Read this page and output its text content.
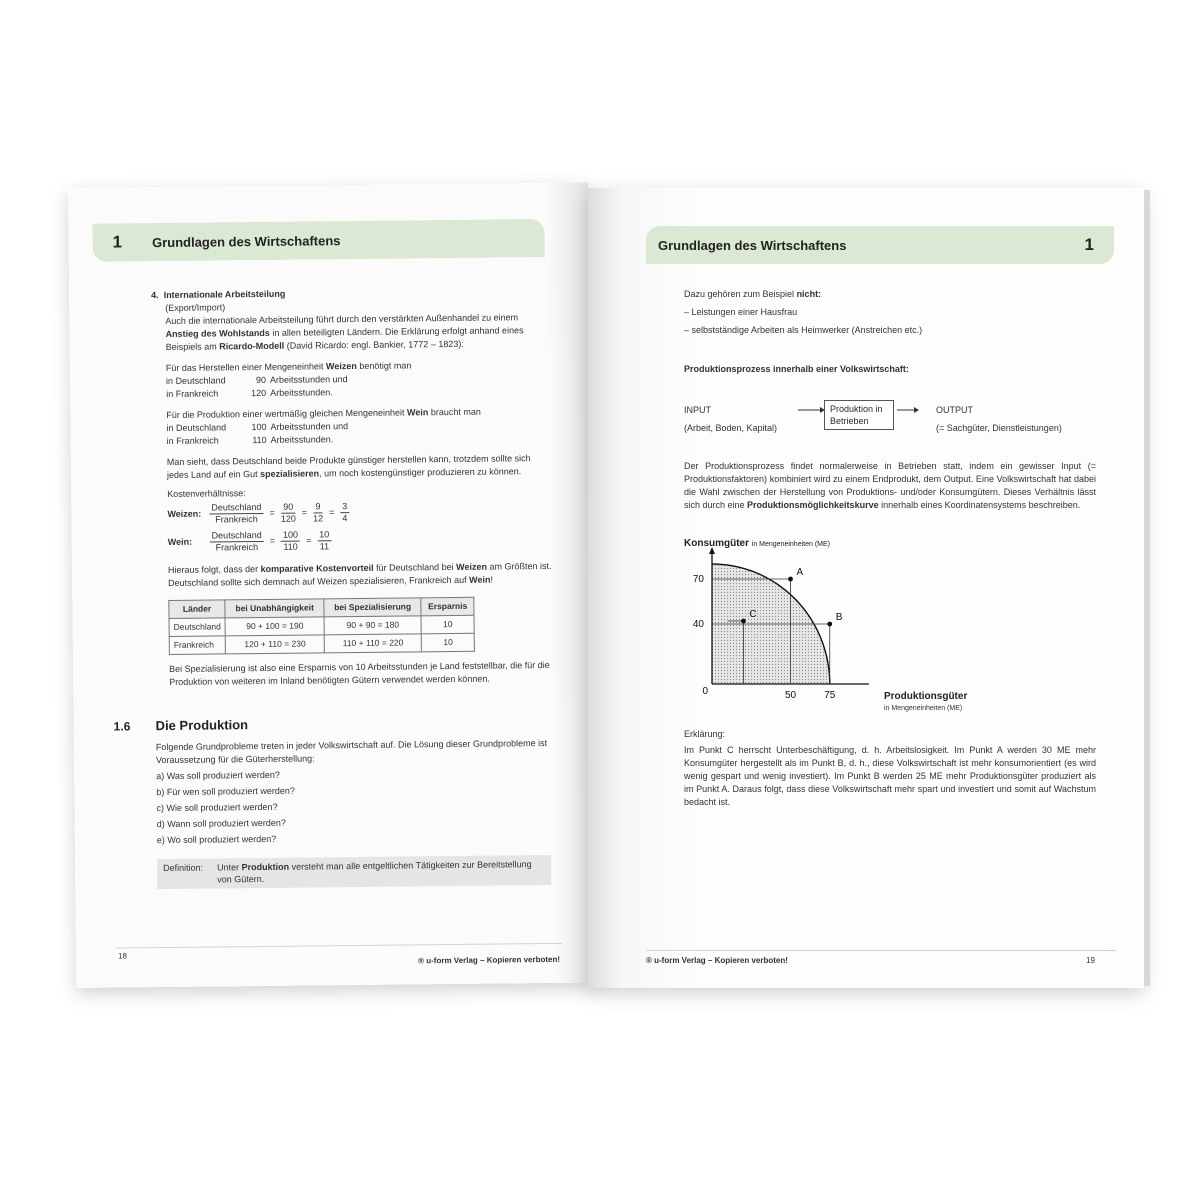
1 Grundlagen des Wirtschaftens
4. Internationale Arbeitsteilung
(Export/Import)
Auch die internationale Arbeitsteilung führt durch den verstärkten Außenhandel zu einem Anstieg des Wohlstands in allen beteiligten Ländern. Die Erklärung erfolgt anhand eines Beispiels am Ricardo-Modell (David Ricardo: engl. Bankier, 1772 – 1823):
Für das Herstellen einer Mengeneinheit Weizen benötigt man
in Deutschland	90 Arbeitsstunden und
in Frankreich	120 Arbeitsstunden.
Für die Produktion einer wertmäßig gleichen Mengeneinheit Wein braucht man
in Deutschland	100 Arbeitsstunden und
in Frankreich	110 Arbeitsstunden.
Man sieht, dass Deutschland beide Produkte günstiger herstellen kann, trotzdem sollte sich jedes Land auf ein Gut spezialisieren, um noch kostengünstiger produzieren zu können.
Kostenverhältnisse:
Weizen: $\frac{\text{Deutschland}}{\text{Frankreich}} = \frac{90}{120} = \frac{9}{12} = \frac{3}{4}$
Wein:	$\frac{\text{Deutschland}}{\text{Frankreich}} = \frac{100}{110} = \frac{10}{11}$
Hieraus folgt, dass der komparative Kostenvorteil für Deutschland bei Weizen am Größten ist. Deutschland sollte sich demnach auf Weizen spezialisieren, Frankreich auf Wein!
Länder	bei Unabhängigkeit	bei Spezialisierung	Ersparnis
Deutschland	90 + 100 = 190	90 + 90 = 180	10
Frankreich	120 + 110 = 230	110 + 110 = 220	10
Bei Spezialisierung ist also eine Ersparnis von 10 Arbeitsstunden je Land feststellbar, die für die Produktion von weiteren im Inland benötigten Gütern verwendet werden können.
1.6 Die Produktion
Folgende Grundprobleme treten in jeder Volkswirtschaft auf. Die Lösung dieser Grundprobleme ist Voraussetzung für die Güterherstellung:
a) Was soll produziert werden?
b) Für wen soll produziert werden?
c) Wie soll produziert werden?
d) Wann soll produziert werden?
e) Wo soll produziert werden?
Definition:	Unter Produktion versteht man alle entgeltlichen Tätigkeiten zur Bereitstellung von Gütern.
18	® u-form Verlag – Kopieren verboten!
Grundlagen des Wirtschaftens	1
Dazu gehören zum Beispiel nicht:
– Leistungen einer Hausfrau
– selbstständige Arbeiten als Heimwerker (Anstreichen etc.)
Produktionsprozess innerhalb einer Volkswirtschaft:
INPUT
(Arbeit, Boden, Kapital)
Produktion in
Betrieben
OUTPUT
(= Sachgüter, Dienstleistungen)
Der Produktionsprozess findet normalerweise in Betrieben statt, indem ein gewisser Input (= Produktionsfaktoren) kombiniert wird zu einem Endprodukt, dem Output. Eine Volkswirtschaft hat dabei die Wahl zwischen der Herstellung von Produktions- und/oder Konsumgütern. Dieses Verhältnis lässt sich durch eine Produktionsmöglichkeitskurve innerhalb eines Koordinatensystems beschreiben.
40
70
50	75
0
A
B
C
Konsumgüter in Mengeneinheiten (ME)
Produktionsgüter
in Mengeneinheiten (ME)
Erklärung:
Im Punkt C herrscht Unterbeschäftigung, d. h. Arbeitslosigkeit. Im Punkt A werden 30 ME mehr Konsumgüter hergestellt als im Punkt B, d. h., diese Volkswirtschaft ist mehr konsumorientiert (es wird wenig gespart und wenig investiert). Im Punkt B werden 25 ME mehr Produktionsgüter produziert als im Punkt A. Daraus folgt, dass diese Volkswirtschaft mehr spart und investiert und somit auf Wachstum bedacht ist.
® u-form Verlag – Kopieren verboten!	19
